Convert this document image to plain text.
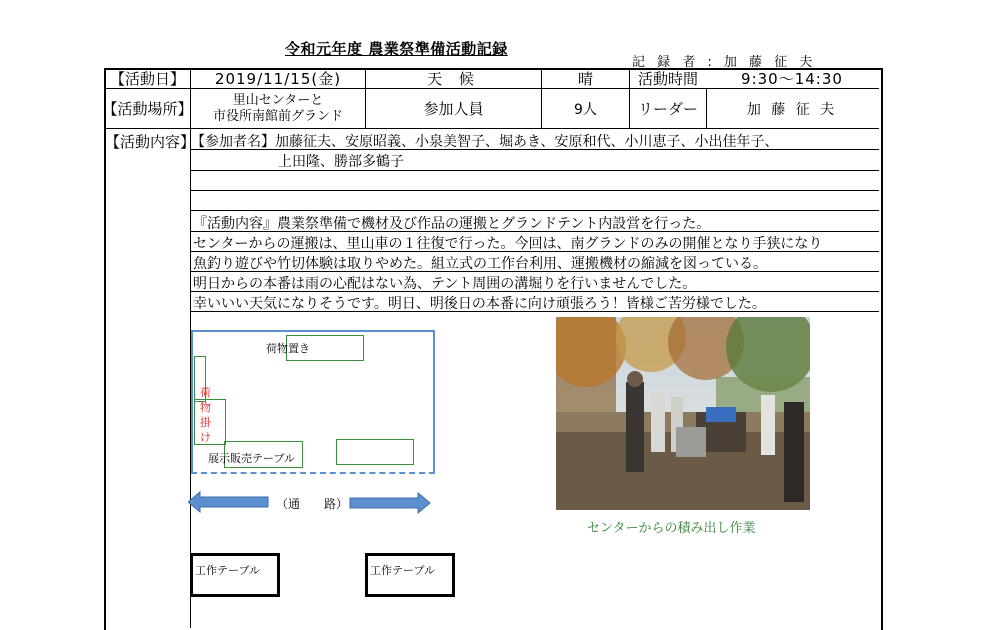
令和元年度 農業祭準備活動記録
記 録 者 : 加 藤 征 夫
【活動日】	2019/11/15(金)	天 候	晴	活動時間	9:30～14:30
【活動場所】	里山センターと
市役所南館前グランド	参加人員	9人	リーダー	加 藤 征 夫
【活動内容】
【参加者名】加藤征夫、安原昭義、小泉美智子、堀あき、安原和代、小川恵子、小出佳年子、
上田隆、勝部多鶴子
『活動内容』農業祭準備で機材及び作品の運搬とグランドテント内設営を行った。
センターからの運搬は、里山車の１往復で行った。今回は、南グランドのみの開催となり手狭になり
魚釣り遊びや竹切体験は取りやめた。組立式の工作台利用、運搬機材の縮減を図っている。
明日からの本番は雨の心配はない為、テント周囲の溝堀りを行いませんでした。
幸いいい天気になりそうです。明日、明後日の本番に向け頑張ろう！皆様ご苦労様でした。
荷物置き
荷
物
掛
け
展示販売テーブル
（通　　路）
工作テーブル	工作テーブル
センターからの積み出し作業
